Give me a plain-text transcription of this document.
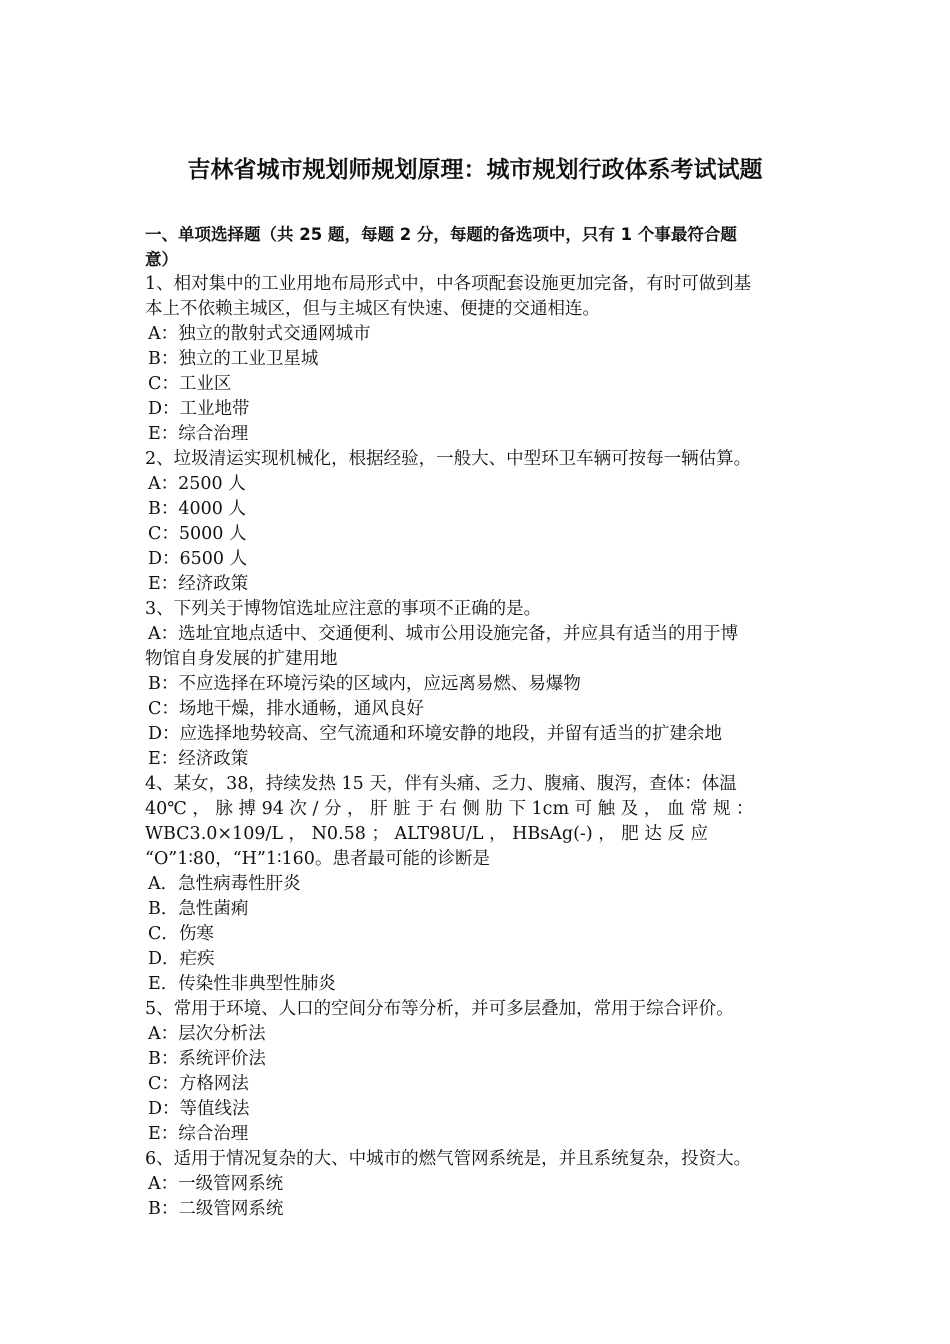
吉林省城市规划师规划原理：城市规划行政体系考试试题
一、单项选择题（共 25 题，每题 2 分，每题的备选项中，只有 1 个事最符合题
意）
1、相对集中的工业用地布局形式中，中各项配套设施更加完备，有时可做到基
本上不依赖主城区，但与主城区有快速、便捷的交通相连。
A：独立的散射式交通网城市
B：独立的工业卫星城
C：工业区
D：工业地带
E：综合治理
2、垃圾清运实现机械化，根据经验，一般大、中型环卫车辆可按每一辆估算。
A：2500 人
B：4000 人
C：5000 人
D：6500 人
E：经济政策
3、下列关于博物馆选址应注意的事项不正确的是。
A：选址宜地点适中、交通便利、城市公用设施完备，并应具有适当的用于博
物馆自身发展的扩建用地
B：不应选择在环境污染的区域内，应远离易燃、易爆物
C：场地干燥，排水通畅，通风良好
D：应选择地势较高、空气流通和环境安静的地段，并留有适当的扩建余地
E：经济政策
4、某女，38，持续发热 15 天，伴有头痛、乏力、腹痛、腹泻，查体：体温
40℃ ， 脉 搏 94 次 / 分 ， 肝 脏 于 右 侧 肋 下 1cm 可 触 及 ， 血 常 规 ：
WBC3.0×109/L ， N0.58 ； ALT98U/L ， HBsAg(-) ， 肥 达 反 应
“O”1∶80，“H”1∶160。患者最可能的诊断是
A．急性病毒性肝炎
B．急性菌痢
C．伤寒
D．疟疾
E．传染性非典型性肺炎
5、常用于环境、人口的空间分布等分析，并可多层叠加，常用于综合评价。
A：层次分析法
B：系统评价法
C：方格网法
D：等值线法
E：综合治理
6、适用于情况复杂的大、中城市的燃气管网系统是，并且系统复杂，投资大。
A：一级管网系统
B：二级管网系统
